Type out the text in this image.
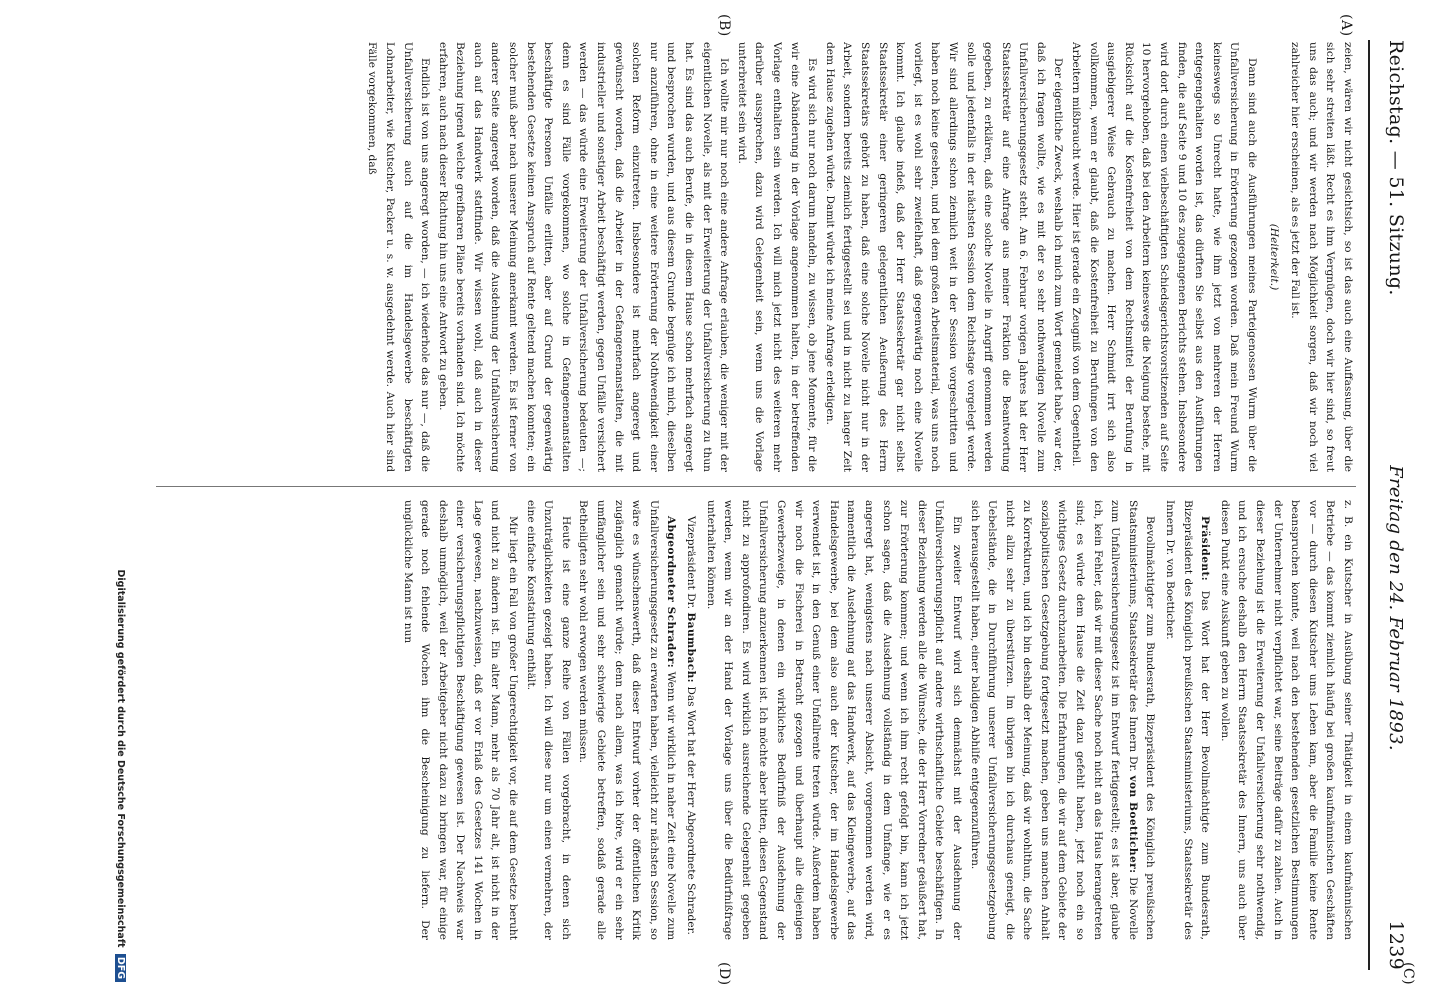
Reichstag. — 51. Sitzung.
Freitag den 24. Februar 1893.
1239
(A)
(B)
(C)
(D)

zeien, wären wir nicht gesichtsich, so ist das auch eine Auffassung, über die sich sehr streiten läßt. Recht es ihm Vergnügen, doch wir hier sind, so freut uns das auch; und wir werden nach Möglichkeit sorgen, daß wir noch viel zahlreicher hier erscheinen, als es jetzt der Fall ist.

(Heiterkeit.)

Dann sind auch die Ausführungen meines Parteigenossen Wurm über die Unfallversicherung in Erörterung gezogen worden. Daß mein Freund Wurm keineswegs so Unrecht hatte, wie ihm jetzt von mehreren der Herren entgegengehalten worden ist, das dürften Sie selbst aus den Ausführungen finden, die auf Seite 9 und 10 des zugegangenen Berichts stehen. Insbesondere wird dort durch einen vielbeschäftigten Schiedsgerichtsvorsitzenden auf Seite 10 hervorgehoben, daß bei den Arbeitern keineswegs die Neigung bestehe, mit Rücksicht auf die Kostenfreiheit von dem Rechtsmittel der Berufung in ausgiebigerer Weise Gebrauch zu machen. Herr Schmidt irrt sich also vollkommen, wenn er glaubt, daß die Kostenfreiheit zu Berufungen von den Arbeitern mißbraucht werde. Hier ist gerade ein Zeugniß von dem Gegentheil.

Der eigentliche Zweck, weshalb ich mich zum Wort gemeldet habe, war der, daß ich fragen wollte, wie es mit der so sehr nothwendigen Novelle zum Unfallversicherungsgesetz steht. Am 6. Februar vorigen Jahres hat der Herr Staatssekretär auf eine Anfrage aus meiner Fraktion die Beantwortung gegeben, zu erklären, daß eine solche Novelle in Angriff genommen werden solle und jedenfalls in der nächsten Session dem Reichstage vorgelegt werde. Wir sind allerdings schon ziemlich weit in der Session vorgeschritten und haben noch keine gesehen, und bei dem großen Arbeitsmaterial, was uns noch vorliegt, ist es wohl sehr zweifelhaft, daß gegenwärtig noch eine Novelle kommt. Ich glaube indeß, daß der Herr Staatssekretär gar nicht selbst Staatssekretär einer geringeren gelegentlichen Aeußerung des Herrn Staatssekretärs gehört zu haben, daß eine solche Novelle nicht nur in der Arbeit, sondern bereits ziemlich fertiggestellt sei und in nicht zu langer Zeit dem Hause zugehen würde. Damit würde ich meine Anfrage erledigen.

Es wird sich nur noch darum handeln, zu wissen, ob jene Momente, für die wir eine Abänderung in der Vorlage angenommen halten, in der betreffenden Vorlage enthalten sein werden. Ich will mich jetzt nicht des weiteren mehr darüber aussprechen, dazu wird Gelegenheit sein, wenn uns die Vorlage unterbreitet sein wird.

Ich wollte mir nur noch eine andere Anfrage erlauben, die weniger mit der eigentlichen Novelle, als mit der Erweiterung der Unfallversicherung zu thun hat. Es sind das auch Berufe, die in diesem Hause schon mehrfach angeregt und besprochen wurden, und aus diesem Grunde begnüge ich mich, dieselben nur anzuführen, ohne in eine weitere Erörterung der Nothwendigkeit einer solchen Reform einzutreten. Insbesondere ist mehrfach angeregt und gewünscht worden, daß die Arbeiter in der Gefangenenanstalten, die mit industrieller und sonstiger Arbeit beschäftigt werden, gegen Unfälle versichert werden — das würde eine Erweiterung der Unfallversicherung bedeuten —; denn es sind Fälle vorgekommen, wo solche in Gefangenenanstalten beschäftigte Personen Unfälle erlitten, aber auf Grund der gegenwärtig bestehenden Gesetze keinen Anspruch auf Rente geltend machen konnten; ein solcher muß aber nach unserer Meinung anerkannt werden. Es ist ferner von anderer Seite angeregt worden, daß die Ausdehnung der Unfallversicherung auch auf das Handwerk stattfinde. Wir wissen wohl, daß auch in dieser Beziehung irgend welche greifbaren Pläne bereits vorhanden sind. Ich möchte erfahren, auch nach dieser Richtung hin uns eine Antwort zu geben.

Endlich ist von uns angeregt worden, — ich wiederhole das nur —, daß die Unfallversicherung auch auf die im Handelsgewerbe beschäftigten Lohnarbeiter, wie Kutscher, Packer u. s. w. ausgedehnt werde. Auch hier sind Fälle vorgekommen, daß

z. B. ein Kutscher in Ausübung seiner Thätigkeit in einem kaufmännischen Betriebe — das kommt ziemlich häufig bei großen kaufmännischen Geschäften vor — durch diesen Kutscher ums Leben kam, aber die Familie keine Rente beanspruchen konnte, weil nach den bestehenden gesetzlichen Bestimmungen der Unternehmer nicht verpflichtet war, seine Beiträge dafür zu zahlen. Auch in dieser Beziehung ist die Erweiterung der Unfallversicherung sehr nothwendig, und ich ersuche deshalb den Herrn Staatssekretär des Innern, uns auch über diesen Punkt eine Auskunft geben zu wollen.

Präsident: Das Wort hat der Herr Bevollmächtigte zum Bundesrath, Bizepräsident des Königlich preußischen Staatsministeriums, Staatssekretär des Innern Dr. von Boetticher.

Bevollmächtigter zum Bundesrath, Bizepräsident des Königlich preußischen Staatsministeriums, Staatssekretär des Innern Dr. von Boetticher: Die Novelle zum Unfallversicherungsgesetz ist im Entwurf fertiggestellt; es ist aber, glaube ich, kein Fehler, daß wir mit dieser Sache noch nicht an das Haus herangetreten sind; es würde dem Hause die Zeit dazu gefehlt haben, jetzt noch ein so wichtiges Gesetz durchzuarbeiten. Die Erfahrungen, die wir auf dem Gebiete der sozialpolitischen Gesetzgebung fortgesetzt machen, geben uns manchen Anhalt zu Korrekturen, und ich bin deshalb der Meinung, daß wir wohlthun, die Sache nicht allzu sehr zu überstürzen. Im übrigen bin ich durchaus geneigt, die Uebelstände, die in Durchführung unserer Unfallversicherungsgesetzgebung sich herausgestellt haben, einer baldigen Abhilfe entgegenzuführen.

Ein zweiter Entwurf wird sich demnächst mit der Ausdehnung der Unfallversicherungspflicht auf andere wirthschaftliche Gebiete beschäftigen. In dieser Beziehung werden alle die Wünsche, die der Herr Vorredner geäußert hat, zur Erörterung kommen; und wenn ich ihm recht gefolgt bin, kann ich jetzt schon sagen, daß die Ausdehnung vollständig in dem Umfange, wie er es angeregt hat, wenigstens nach unserer Absicht, vorgenommen werden wird, namentlich die Ausdehnung auf das Handwerk, auf das Kleingewerbe, auf das Handelsgewerbe, bei dem also auch der Kutscher, der im Handelsgewerbe verwendet ist, in den Genuß einer Unfallrente treten würde. Außerdem haben wir noch die Fischerei in Betracht gezogen und überhaupt alle diejenigen Gewerbezweige, in denen ein wirkliches Bedürfniß der Ausdehnung der Unfallversicherung anzuerkennen ist. Ich möchte aber bitten, diesen Gegenstand nicht zu approfondiren. Es wird wirklich ausreichende Gelegenheit gegeben werden, wenn wir an der Hand der Vorlage uns über die Bedürfnißfrage unterhalten können.

Vizepräsident Dr. Baumbach: Das Wort hat der Herr Abgeordnete Schrader.

Abgeordneter Schrader: Wenn wir wirklich in naher Zeit eine Novelle zum Unfallversicherungsgesetz zu erwarten haben, vielleicht zur nächsten Session, so wäre es wünschenswerth, daß dieser Entwurf vorher der öffentlichen Kritik zugänglich gemacht würde; denn nach allem, was ich höre, wird er ein sehr umfänglicher sein und sehr schwierige Gebiete betreffen, sodaß gerade alle Betheiligten sehr wohl erwogen werden müssen.

Heute ist eine ganze Reihe von Fällen vorgebracht, in denen sich Unzuträglichkeiten gezeigt haben. Ich will diese nur um einen vermehren, der eine einfache Konstatirung enthält.

Mir liegt ein Fall von großer Ungerechtigkeit vor, die auf dem Gesetze beruht und nicht zu ändern ist. Ein alter Mann, mehr als 70 Jahr alt, ist nicht in der Lage gewesen, nachzuweisen, daß er vor Erlaß des Gesetzes 141 Wochen in einer versicherungspflichtigen Beschäftigung gewesen ist. Der Nachweis war deshalb unmöglich, weil der Arbeitgeber nicht dazu zu bringen war, für einige gerade noch fehlende Wochen ihm die Bescheinigung zu liefern. Der unglückliche Mann ist nun

Digitalisierung gefördert durch die Deutsche Forschungsgemeinschaft DFG
